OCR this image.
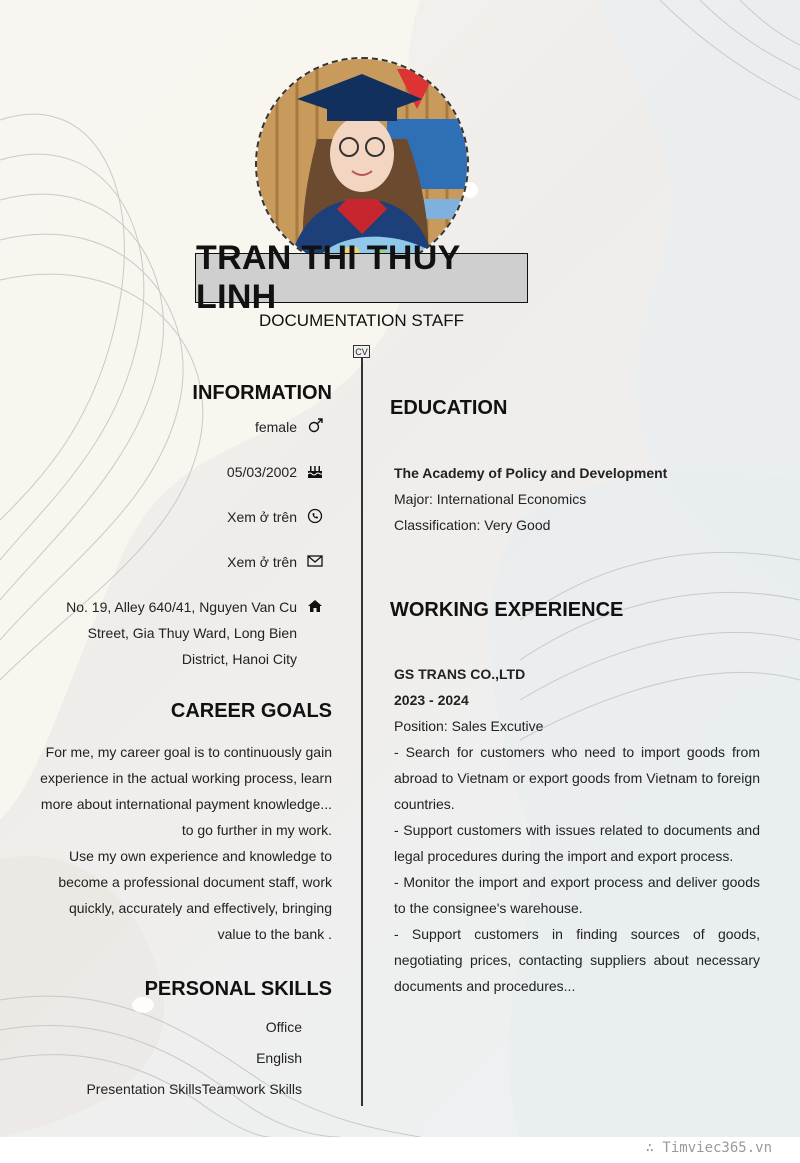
TRAN THI THUY LINH
DOCUMENTATION STAFF
CV
INFORMATION
female
05/03/2002
Xem ở trên
Xem ở trên
No. 19, Alley 640/41, Nguyen Van Cu
Street, Gia Thuy Ward, Long Bien
District, Hanoi City
CAREER GOALS
For me, my career goal is to continuously gain
experience in the actual working process, learn
more about international payment knowledge...
to go further in my work.
Use my own experience and knowledge to
become a professional document staff, work
quickly, accurately and effectively, bringing
value to the bank .
PERSONAL SKILLS
Office
English
Presentation SkillsTeamwork Skills
EDUCATION
The Academy of Policy and Development
Major: International Economics
Classification: Very Good
WORKING EXPERIENCE
GS TRANS CO.,LTD
2023 - 2024
Position: Sales Excutive
- Search for customers who need to import goods from abroad to Vietnam or export goods from Vietnam to foreign countries.
- Support customers with issues related to documents and legal procedures during the import and export process.
- Monitor the import and export process and deliver goods to the consignee's warehouse.
- Support customers in finding sources of goods, negotiating prices, contacting suppliers about necessary documents and procedures...
∴ Timviec365.vn
